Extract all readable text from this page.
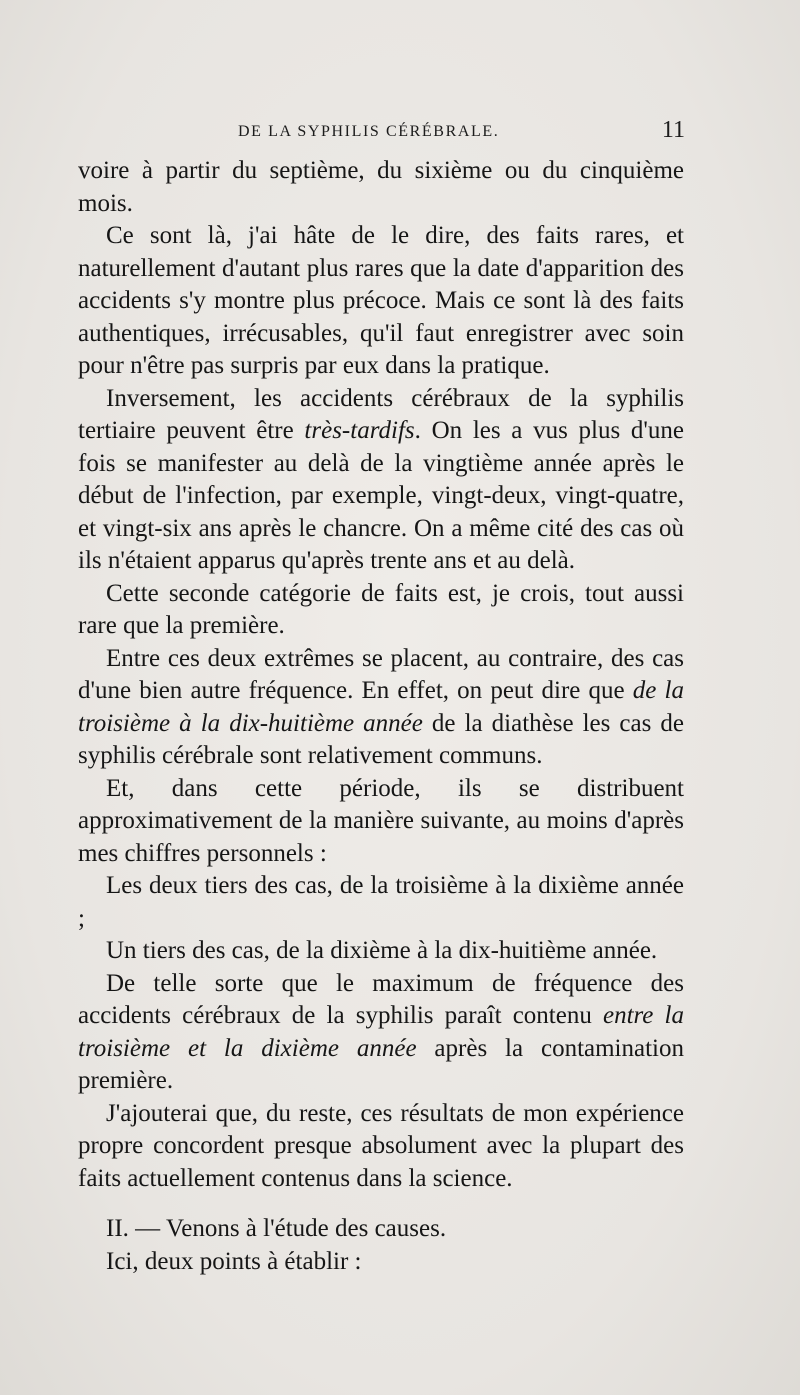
DE LA SYPHILIS CÉRÉBRALE.	11

voire à partir du septième, du sixième ou du cinquième mois.

Ce sont là, j'ai hâte de le dire, des faits rares, et naturellement d'autant plus rares que la date d'apparition des accidents s'y montre plus précoce. Mais ce sont là des faits authentiques, irrécusables, qu'il faut enregistrer avec soin pour n'être pas surpris par eux dans la pratique.

Inversement, les accidents cérébraux de la syphilis tertiaire peuvent être très-tardifs. On les a vus plus d'une fois se manifester au delà de la vingtième année après le début de l'infection, par exemple, vingt-deux, vingt-quatre, et vingt-six ans après le chancre. On a même cité des cas où ils n'étaient apparus qu'après trente ans et au delà.

Cette seconde catégorie de faits est, je crois, tout aussi rare que la première.

Entre ces deux extrêmes se placent, au contraire, des cas d'une bien autre fréquence. En effet, on peut dire que de la troisième à la dix-huitième année de la diathèse les cas de syphilis cérébrale sont relativement communs.

Et, dans cette période, ils se distribuent approximativement de la manière suivante, au moins d'après mes chiffres personnels :

Les deux tiers des cas, de la troisième à la dixième année ;

Un tiers des cas, de la dixième à la dix-huitième année.

De telle sorte que le maximum de fréquence des accidents cérébraux de la syphilis paraît contenu entre la troisième et la dixième année après la contamination première.

J'ajouterai que, du reste, ces résultats de mon expérience propre concordent presque absolument avec la plupart des faits actuellement contenus dans la science.

II. — Venons à l'étude des causes.

Ici, deux points à établir :
